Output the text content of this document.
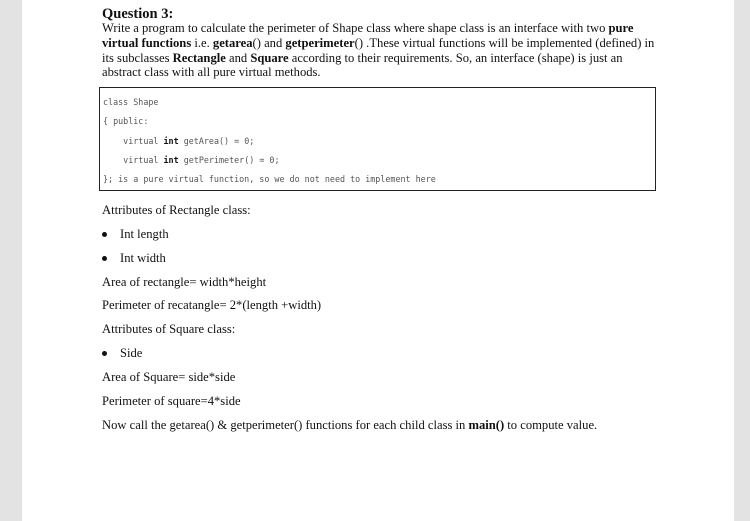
Question 3:
Write a program to calculate the perimeter of Shape class where shape class is an interface with two pure virtual functions i.e. getarea() and getperimeter() .These virtual functions will be implemented (defined) in its subclasses Rectangle and Square according to their requirements. So, an interface (shape) is just an abstract class with all pure virtual methods.
class Shape
{ public:
virtual int getArea() = 0;
virtual int getPerimeter() = 0;
}; is a pure virtual function, so we do not need to implement here
Attributes of Rectangle class:
Int length
Int width
Area of rectangle= width*height
Perimeter of recatangle= 2*(length +width)
Attributes of Square class:
Side
Area of Square= side*side
Perimeter of square=4*side
Now call the getarea() & getperimeter() functions for each child class in main() to compute value.
